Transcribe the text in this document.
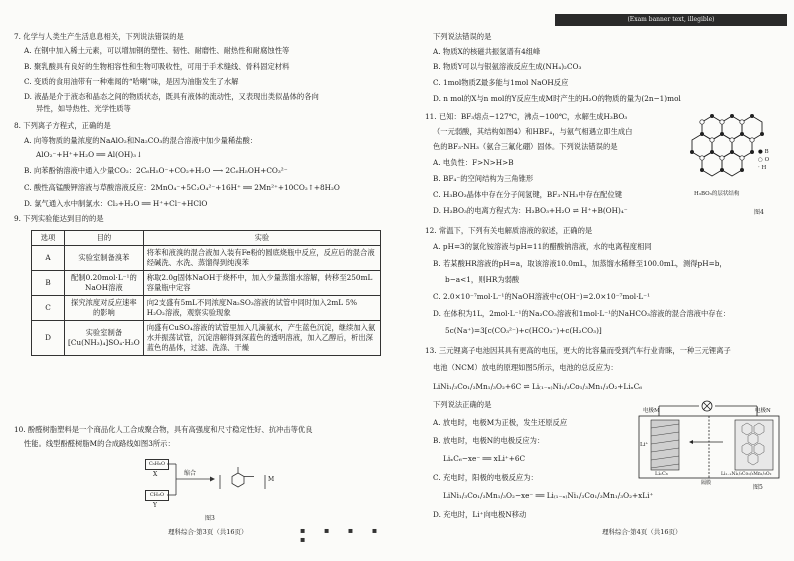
(Exam banner text, illegible)
7. 化学与人类生产生活息息相关，下列说法错误的是
A. 在钢中加入稀土元素，可以增加钢的塑性、韧性、耐磨性、耐热性和耐腐蚀性等
B. 聚乳酸具有良好的生物相容性和生物可吸收性，可用于手术缝线、骨科固定材料
C. 变质的食用油带有一种难闻的“哈喇”味，是因为油脂发生了水解
D. 液晶是介于液态和晶态之间的物质状态，既具有液体的流动性，又表现出类似晶体的各向
异性，如导热性、光学性质等
8. 下列离子方程式，正确的是
A. 向等物质的量浓度的NaAlO₂和Na₂CO₃的混合溶液中加少量稀盐酸：
AlO₂⁻+H⁺+H₂O ══ Al(OH)₃↓
B. 向苯酚钠溶液中通入少量CO₂：2C₆H₅O⁻+CO₂+H₂O ⟶ 2C₆H₅OH+CO₃²⁻
C. 酸性高锰酸钾溶液与草酸溶液反应：2MnO₄⁻+5C₂O₄²⁻+16H⁺ ══ 2Mn²⁺+10CO₂↑+8H₂O
D. 氯气通入水中制氯水：Cl₂+H₂O ══ H⁺+Cl⁻+HClO
9. 下列实验能达到目的的是
选项	目的	实验
A	实验室制备溴苯	将苯和液溴的混合液加入装有Fe粉的圆底烧瓶中反应，反应后的混合液经碱洗、水洗、蒸馏得到纯溴苯
B	配制0.20mol·L⁻¹的NaOH溶液	称取2.0g固体NaOH于烧杯中，加入少量蒸馏水溶解，转移至250mL容量瓶中定容
C	探究浓度对反应速率的影响	向2支盛有5mL不同浓度Na₂SO₃溶液的试管中同时加入2mL 5% H₂O₂溶液，观察实验现象
D	实验室制备[Cu(NH₃)₄]SO₄·H₂O	向盛有CuSO₄溶液的试管里加入几滴氨水，产生蓝色沉淀，继续加入氨水并振荡试管，沉淀溶解得到深蓝色的透明溶液，加入乙醇后，析出深蓝色的晶体，过滤、洗涤、干燥
10. 酚醛树脂塑料是一个商品化人工合成聚合物，具有高强度和尺寸稳定性好、抗冲击等优良
性能。线型酚醛树脂M的合成路线如图3所示：
C₆H₆O
X
CH₂O
Y
缩合
M
图3
理科综合·第3页（共16页）	▪ ▪ ▪ ▪ ▪
下列说法错误的是
A. 物质X的核磁共振氢谱有4组峰
B. 物质Y可以与银氨溶液反应生成(NH₄)₂CO₃
C. 1mol物质Z最多能与1mol NaOH反应
D. n mol的X与n mol的Y反应生成M时产生的H₂O的物质的量为(2n−1)mol
11. 已知：BF₃熔点−127℃，沸点−100℃，水解生成H₃BO₃
（一元弱酸，其结构如图4）和HBF₄，与氨气相遇立即生成白
色的BF₃·NH₃（氨合三氟化硼）固体。下列说法错误的是
A. 电负性：F>N>H>B
B. BF₄⁻的空间结构为三角锥形
C. H₃BO₃晶体中存在分子间氢键，BF₃·NH₃中存在配位键
D. H₃BO₃的电离方程式为：H₃BO₃+H₂O ⇌ H⁺+B(OH)₄⁻
● B
○ O
· H
H₃BO₃的层状结构
图4
12. 常温下，下列有关电解质溶液的叙述，正确的是
A. pH=3的氯化铵溶液与pH=11的醋酸钠溶液，水的电离程度相同
B. 若某酸HR溶液的pH=a，取该溶液10.0mL，加蒸馏水稀释至100.0mL，测得pH=b，
b−a<1，则HR为弱酸
C. 2.0×10⁻⁷mol·L⁻¹的NaOH溶液中c(OH⁻)=2.0×10⁻⁷mol·L⁻¹
D. 在体积为1L，2mol·L⁻¹的Na₂CO₃溶液和1mol·L⁻¹的NaHCO₃溶液的混合溶液中存在：
5c(Na⁺)=3[c(CO₃²⁻)+c(HCO₃⁻)+c(H₂CO₃)]
13. 三元锂离子电池因其具有更高的电压，更大的比容量而受到汽车行业青睐，一种三元锂离子
电池（NCM）放电的原理如图5所示，电池的总反应为：
LiNi₁/₃Co₁/₃Mn₁/₃O₂+6C ⇌ Li₍₁₋ₓ₎Ni₁/₃Co₁/₃Mn₁/₃O₂+LiₓC₆
下列说法正确的是
A. 放电时，电极M为正极，发生还原反应
B. 放电时，电极N的电极反应为：
LiₓC₆−xe⁻ ══ xLi⁺+6C
C. 充电时，阳极的电极反应为：
LiNi₁/₃Co₁/₃Mn₁/₃O₂−xe⁻ ══ Li₍₁₋ₓ₎Ni₁/₃Co₁/₃Mn₁/₃O₂+xLi⁺
D. 充电时，Li⁺向电极N移动
电极M	电极N
Li⁺
LiₓC₆
隔膜
Li₁₋ₓNi₁/₃Co₁/₃Mn₁/₃O₂
图5
理科综合·第4页（共16页）
